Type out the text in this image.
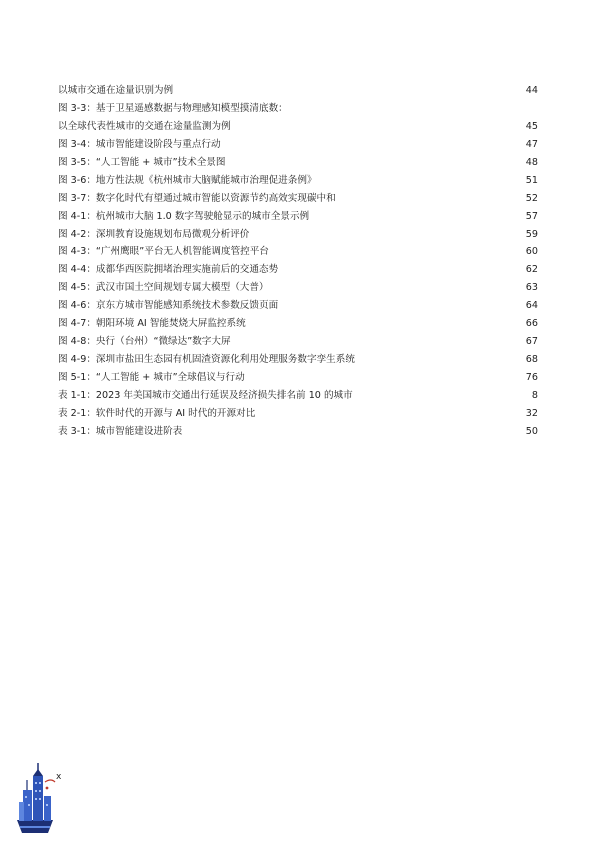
以城市交通在途量识别为例	44
图 3-3：基于卫星遥感数据与物理感知模型摸清底数：
以全球代表性城市的交通在途量监测为例	45
图 3-4：城市智能建设阶段与重点行动	47
图 3-5：“人工智能 + 城市”技术全景图	48
图 3-6：地方性法规《杭州城市大脑赋能城市治理促进条例》	51
图 3-7：数字化时代有望通过城市智能以资源节约高效实现碳中和	52
图 4-1：杭州城市大脑 1.0 数字驾驶舱显示的城市全景示例	57
图 4-2：深圳教育设施规划布局微观分析评价	59
图 4-3：“广州鹰眼”平台无人机智能调度管控平台	60
图 4-4：成都华西医院拥堵治理实施前后的交通态势	62
图 4-5：武汉市国土空间规划专属大模型（大普）	63
图 4-6：京东方城市智能感知系统技术参数反馈页面	64
图 4-7：朝阳环境 AI 智能焚烧大屏监控系统	66
图 4-8：央行（台州）“微绿达”数字大屏	67
图 4-9：深圳市盐田生态园有机固渣资源化利用处理服务数字孪生系统	68
图 5-1：“人工智能 + 城市”全球倡议与行动	76
表 1-1：2023 年美国城市交通出行延误及经济损失排名前 10 的城市	8
表 2-1：软件时代的开源与 AI 时代的开源对比	32
表 3-1：城市智能建设进阶表	50
x
